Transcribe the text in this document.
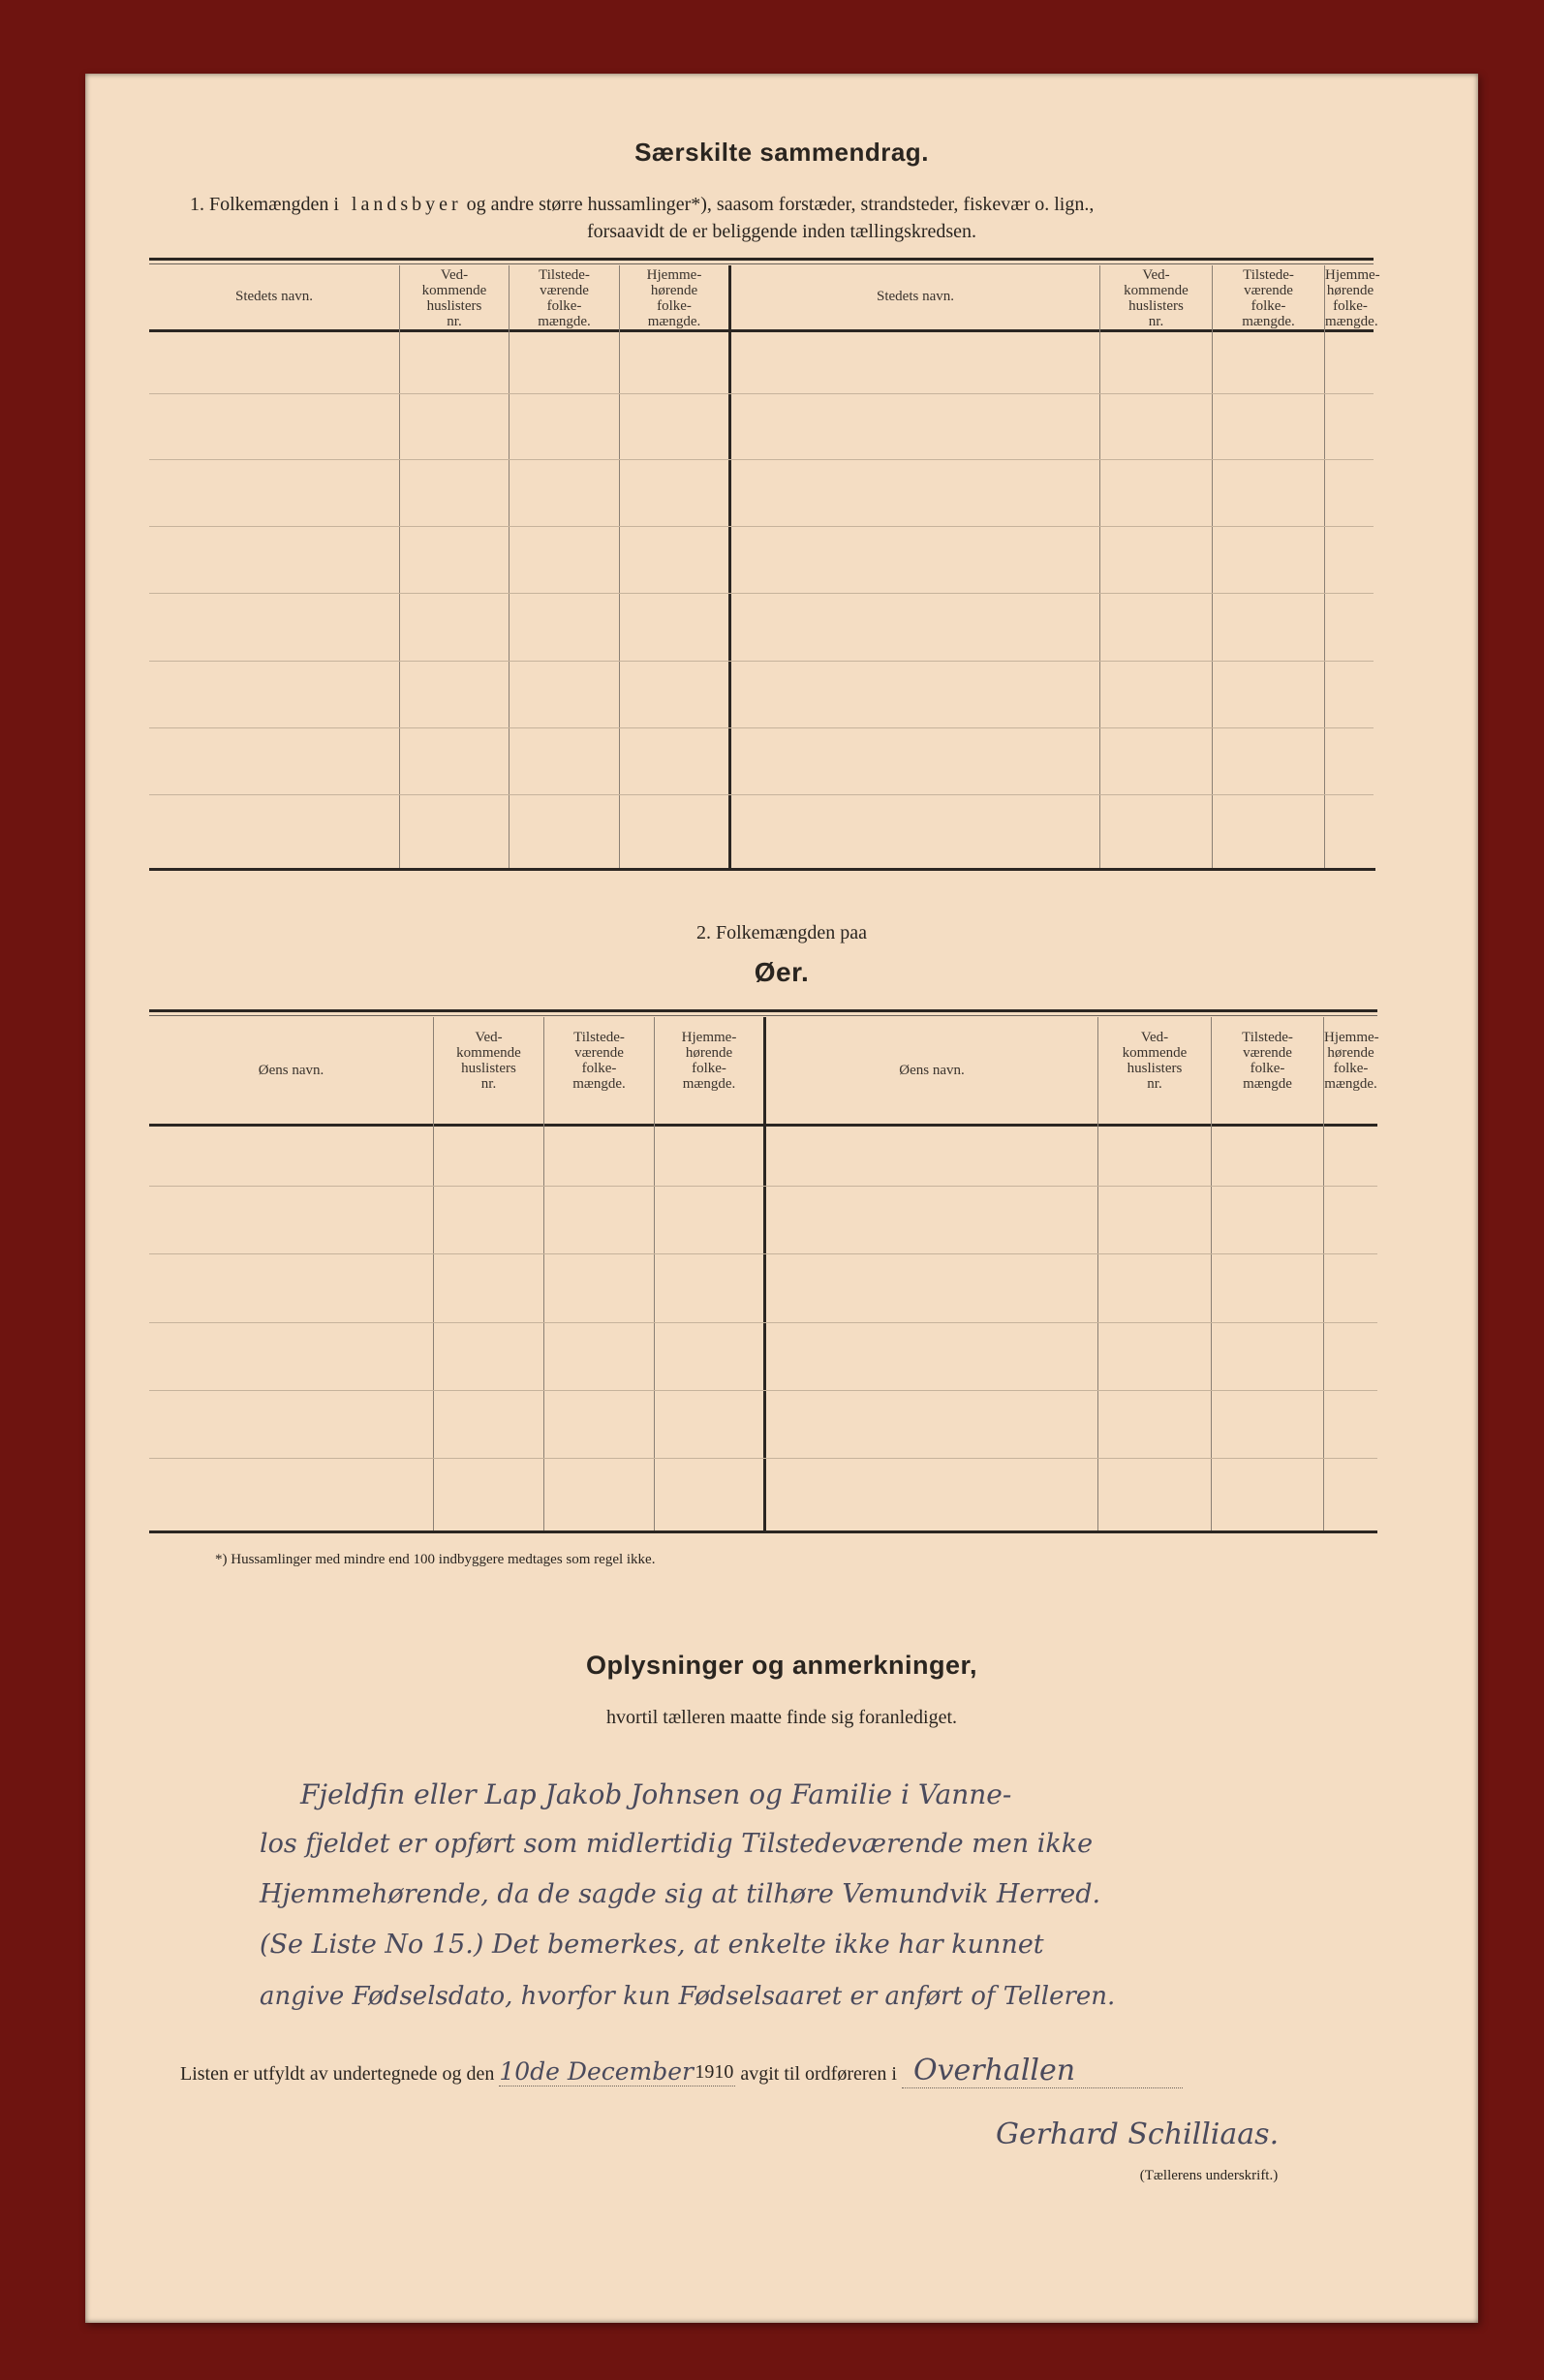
Særskilte sammendrag.
1. Folkemængden i landsbyer og andre større hussamlinger*), saasom forstæder, strandsteder, fiskevær o. lign.,
forsaavidt de er beliggende inden tællingskredsen.
Stedets navn.
Ved-
kommende
huslisters
nr.
Tilstede-
værende
folke-
mængde.
Hjemme-
hørende
folke-
mængde.
Stedets navn.
Ved-
kommende
huslisters
nr.
Tilstede-
værende
folke-
mængde.
Hjemme-
hørende
folke-
mængde.
2. Folkemængden paa
Øer.
Øens navn.
Ved-
kommende
huslisters
nr.
Tilstede-
værende
folke-
mængde.
Hjemme-
hørende
folke-
mængde.
Øens navn.
Ved-
kommende
huslisters
nr.
Tilstede-
værende
folke-
mængde
Hjemme-
hørende
folke-
mængde.
*) Hussamlinger med mindre end 100 indbyggere medtages som regel ikke.
Oplysninger og anmerkninger,
hvortil tælleren maatte finde sig foranlediget.
Fjeldfin eller Lap Jakob Johnsen og Familie i Vanne-
los fjeldet er opført som midlertidig Tilstedeværende men ikke
Hjemmehørende, da de sagde sig at tilhøre Vemundvik Herred.
(Se Liste No 15.) Det bemerkes, at enkelte ikke har kunnet
angive Fødselsdato, hvorfor kun Fødselsaaret er anført of Telleren.
Listen er utfyldt av undertegnede og den 10de December 1910 avgit til ordføreren i Overhallen
Gerhard Schilliaas.
(Tællerens underskrift.)
